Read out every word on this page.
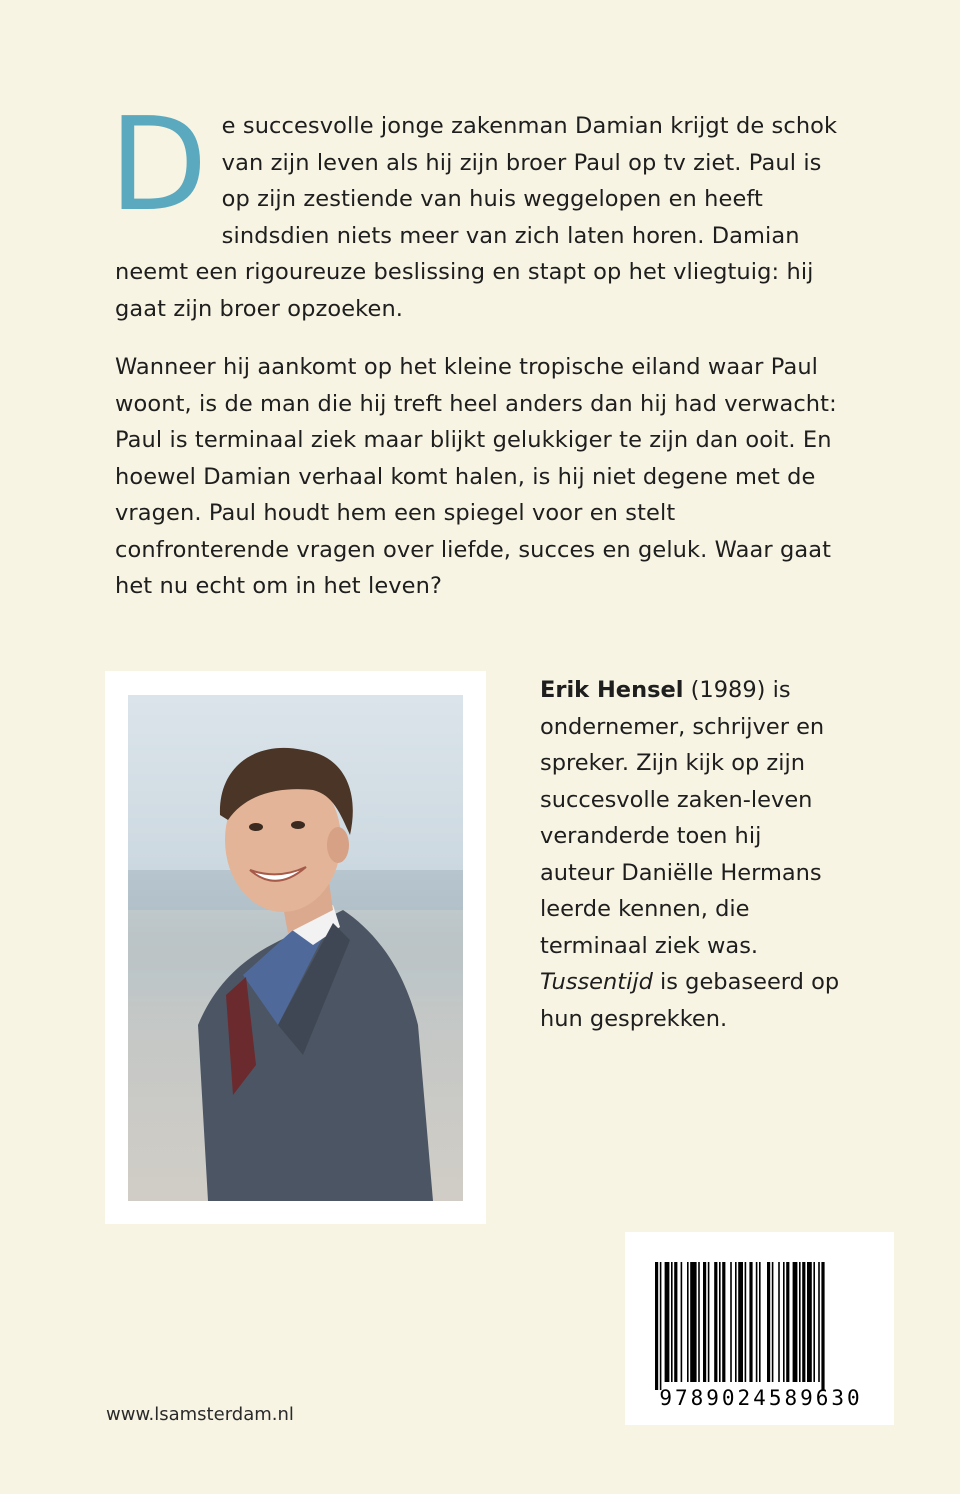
De succesvolle jonge zakenman Damian krijgt de schok van zijn leven als hij zijn broer Paul op tv ziet. Paul is op zijn zestiende van huis weggelopen en heeft sindsdien niets meer van zich laten horen. Damian neemt een rigoureuze beslissing en stapt op het vliegtuig: hij gaat zijn broer opzoeken.

Wanneer hij aankomt op het kleine tropische eiland waar Paul woont, is de man die hij treft heel anders dan hij had verwacht: Paul is terminaal ziek maar blijkt gelukkiger te zijn dan ooit. En hoewel Damian verhaal komt halen, is hij niet degene met de vragen. Paul houdt hem een spiegel voor en stelt confronterende vragen over liefde, succes en geluk. Waar gaat het nu echt om in het leven?

Erik Hensel (1989) is ondernemer, schrijver en spreker. Zijn kijk op zijn succesvolle zaken-leven veranderde toen hij auteur Daniëlle Hermans leerde kennen, die terminaal ziek was. Tussentijd is gebaseerd op hun gesprekken.
9789024589630
www.lsamsterdam.nl
